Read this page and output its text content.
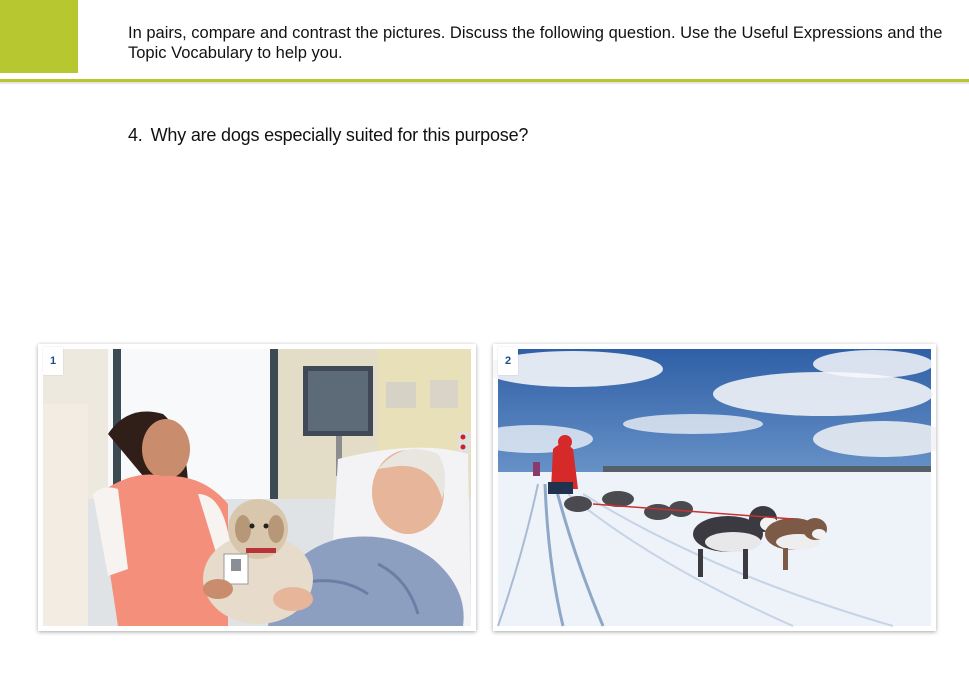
In pairs, compare and contrast the pictures. Discuss the following question. Use the Useful Expressions and the Topic Vocabulary to help you.
4. Why are dogs especially suited for this purpose?
1	2
